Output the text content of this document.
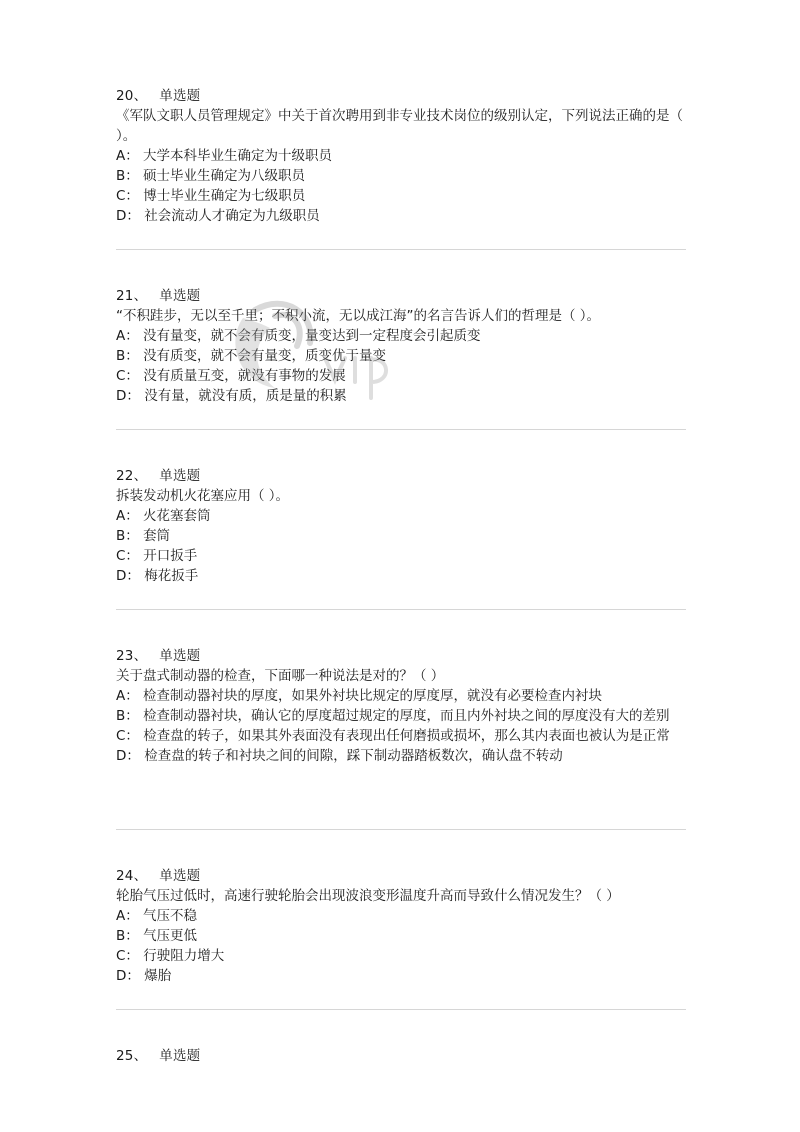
20、 单选题
《军队文职人员管理规定》中关于首次聘用到非专业技术岗位的级别认定，下列说法正确的是（ ）。
A： 大学本科毕业生确定为十级职员
B： 硕士毕业生确定为八级职员
C： 博士毕业生确定为七级职员
D： 社会流动人才确定为九级职员
21、 单选题
“不积跬步，无以至千里；不积小流，无以成江海”的名言告诉人们的哲理是（ ）。
A： 没有量变，就不会有质变，量变达到一定程度会引起质变
B： 没有质变，就不会有量变，质变优于量变
C： 没有质量互变，就没有事物的发展
D： 没有量，就没有质，质是量的积累
22、 单选题
拆装发动机火花塞应用（ ）。
A： 火花塞套筒
B： 套筒
C： 开口扳手
D： 梅花扳手
23、 单选题
关于盘式制动器的检查，下面哪一种说法是对的？（ ）
A： 检查制动器衬块的厚度，如果外衬块比规定的厚度厚，就没有必要检查内衬块
B： 检查制动器衬块，确认它的厚度超过规定的厚度，而且内外衬块之间的厚度没有大的差别
C： 检查盘的转子，如果其外表面没有表现出任何磨损或损坏，那么其内表面也被认为是正常
D： 检查盘的转子和衬块之间的间隙，踩下制动器踏板数次，确认盘不转动
24、 单选题
轮胎气压过低时，高速行驶轮胎会出现波浪变形温度升高而导致什么情况发生？（ ）
A： 气压不稳
B： 气压更低
C： 行驶阻力增大
D： 爆胎
25、 单选题
